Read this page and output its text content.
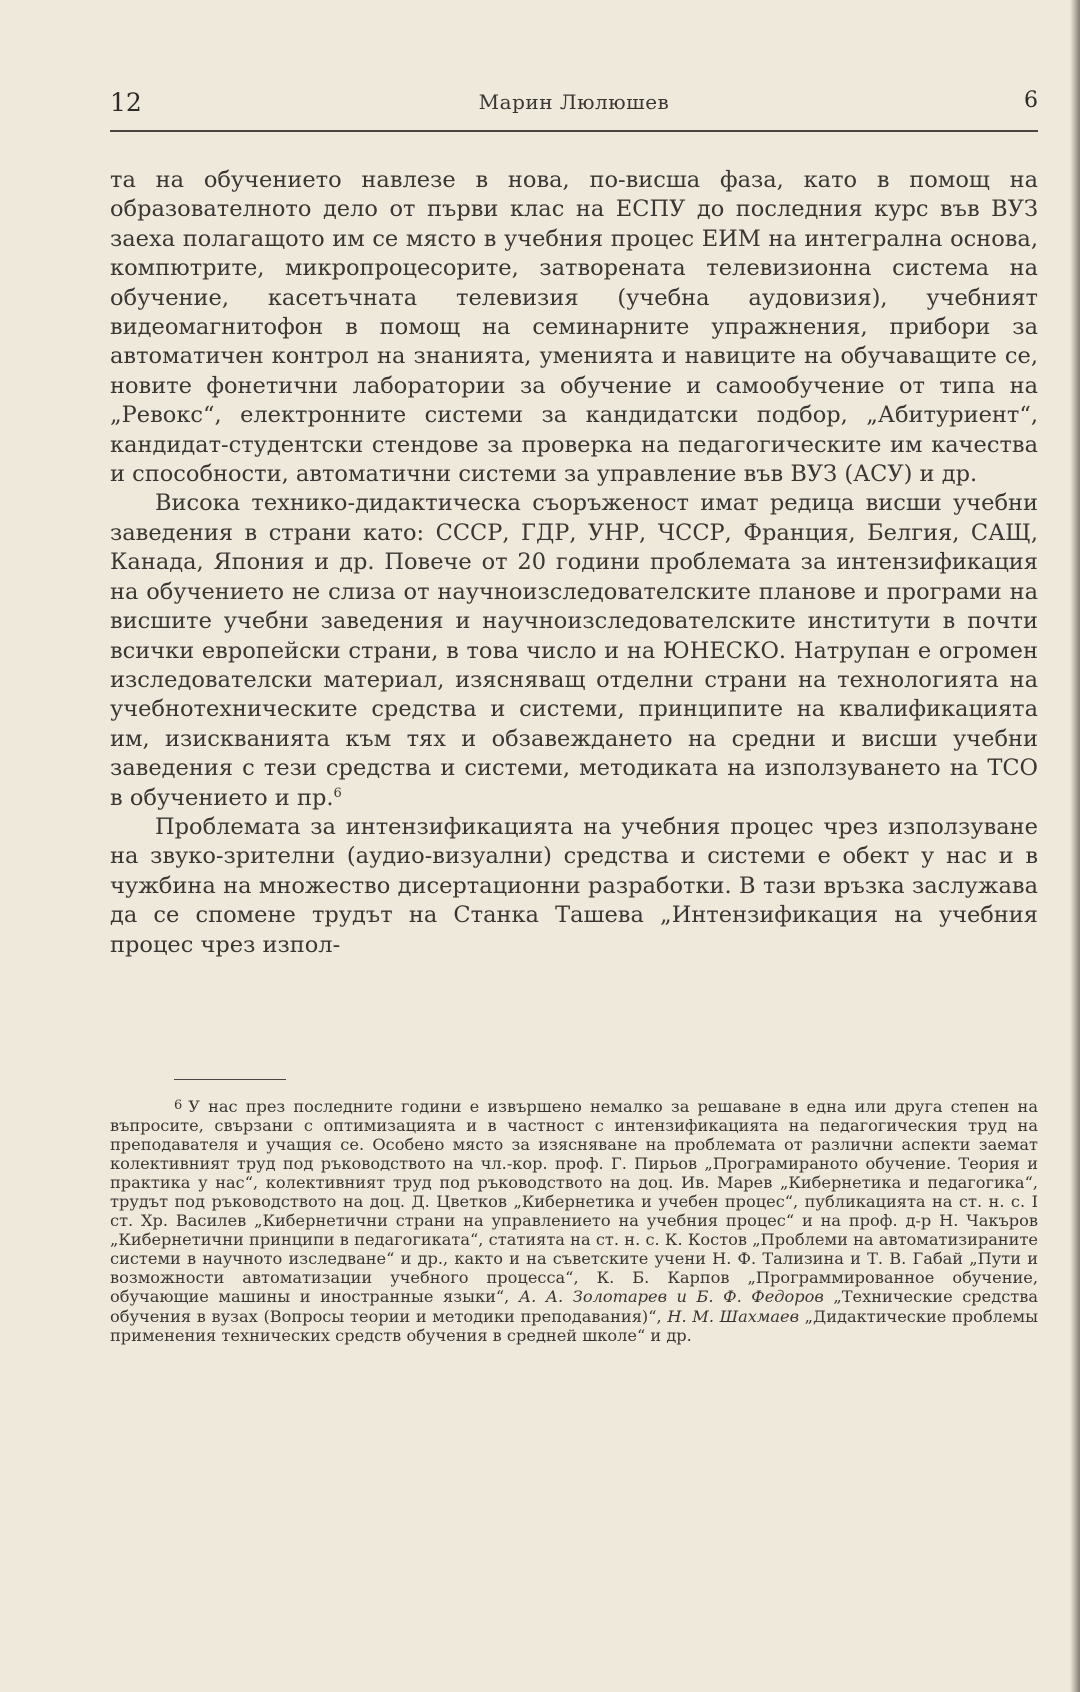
12	Марин Люлюшев	6

та на обучението навлезе в нова, по-висша фаза, като в помощ на образователното дело от първи клас на ЕСПУ до последния курс във ВУЗ заеха полагащото им се място в учебния процес ЕИМ на интегрална основа, компютрите, микропроцесорите, затворената телевизионна система на обучение, касетъчната телевизия (учебна аудовизия), учебният видеомагнитофон в помощ на семинарните упражнения, прибори за автоматичен контрол на знанията, уменията и навиците на обучаващите се, новите фонетични лаборатории за обучение и самообучение от типа на „Ревокс“, електронните системи за кандидатски подбор, „Абитуриент“, кандидат-студентски стендове за проверка на педагогическите им качества и способности, автоматични системи за управление във ВУЗ (АСУ) и др.

Висока технико-дидактическа съоръженост имат редица висши учебни заведения в страни като: СССР, ГДР, УНР, ЧССР, Франция, Белгия, САЩ, Канада, Япония и др. Повече от 20 години проблемата за интензификация на обучението не слиза от научноизследователските планове и програми на висшите учебни заведения и научноизследователските институти в почти всички европейски страни, в това число и на ЮНЕСКО. Натрупан е огромен изследователски материал, изясняващ отделни страни на технологията на учебнотехническите средства и системи, принципите на квалификацията им, изискванията към тях и обзавеждането на средни и висши учебни заведения с тези средства и системи, методиката на използуването на ТСО в обучението и пр.$^6$

Проблемата за интензификацията на учебния процес чрез използуване на звуко-зрителни (аудио-визуални) средства и системи е обект у нас и в чужбина на множество дисертационни разработки. В тази връзка заслужава да се спомене трудът на Станка Ташева „Интензификация на учебния процес чрез изпол-

6 У нас през последните години е извършено немалко за решаване в една или друга степен на въпросите, свързани с оптимизацията и в частност с интензификацията на педагогическия труд на преподавателя и учащия се. Особено място за изясняване на проблемата от различни аспекти заемат колективният труд под ръководството на чл.-кор. проф. Г. Пирьов „Програмираното обучение. Теория и практика у нас“, колективният труд под ръководството на доц. Ив. Марев „Кибернетика и педагогика“, трудът под ръководството на доц. Д. Цветков „Кибернетика и учебен процес“, публикацията на ст. н. с. I ст. Хр. Василев „Кибернетични страни на управлението на учебния процес“ и на проф. д-р Н. Чакъров „Кибернетични принципи в педагогиката“, статията на ст. н. с. К. Костов „Проблеми на автоматизираните системи в научното изследване“ и др., както и на съветските учени Н. Ф. Тализина и Т. В. Габай „Пути и возможности автоматизации учебного процесса“, К. Б. Карпов „Программированное обучение, обучающие машины и иностранные языки“, А. А. Золотарев и Б. Ф. Федоров „Технические средства обучения в вузах (Вопросы теории и методики преподавания)“, Н. М. Шахмаев „Дидактические проблемы применения технических средств обучения в средней школе“ и др.
